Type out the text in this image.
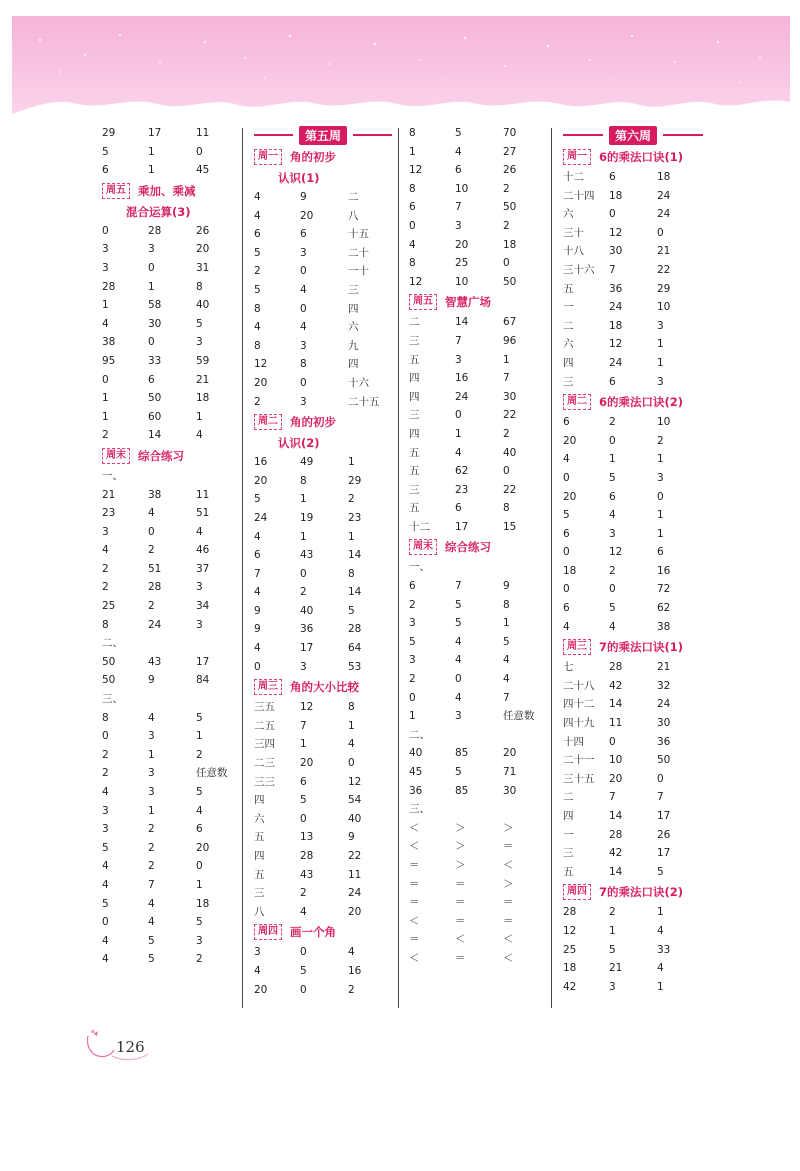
29	17	11
5	1	0
6	1	45
周五	乘加、乘减
混合运算(3)
0	28	26
3	3	20
3	0	31
28	1	8
1	58	40
4	30	5
38	0	3
95	33	59
0	6	21
1	50	18
1	60	1
2	14	4
周末	综合练习
一、
21	38	11
23	4	51
3	0	4
4	2	46
2	51	37
2	28	3
25	2	34
8	24	3
二、
50	43	17
50	9	84
三、
8	4	5
0	3	1
2	1	2
2	3	任意数
4	3	5
3	1	4
3	2	6
5	2	20
4	2	0
4	7	1
5	4	18
0	4	5
4	5	3
4	5	2
第五周
周一	角的初步
认识(1)
4	9	二
4	20	八
6	6	十五
5	3	二十
2	0	一十
5	4	三
8	0	四
4	4	六
8	3	九
12	8	四
20	0	十六
2	3	二十五
周二	角的初步
认识(2)
16	49	1
20	8	29
5	1	2
24	19	23
4	1	1
6	43	14
7	0	8
4	2	14
9	40	5
9	36	28
4	17	64
0	3	53
周三	角的大小比较
三五	12	8
二五	7	1
三四	1	4
二三	20	0
三三	6	12
四	5	54
六	0	40
五	13	9
四	28	22
五	43	11
三	2	24
八	4	20
周四	画一个角
3	0	4
4	5	16
20	0	2
8	5	70
1	4	27
12	6	26
8	10	2
6	7	50
0	3	2
4	20	18
8	25	0
12	10	50
周五	智慧广场
二	14	67
三	7	96
五	3	1
四	16	7
四	24	30
三	0	22
四	1	2
五	4	40
五	62	0
三	23	22
五	6	8
十二	17	15
周末	综合练习
一、
6	7	9
2	5	8
3	5	1
5	4	5
3	4	4
2	0	4
0	4	7
1	3	任意数
二、
40	85	20
45	5	71
36	85	30
三、
＜	＞	＞
＜	＞	＝
＝	＞	＜
＝	＝	＞
＝	＝	＝
＜	＝	＝
＝	＜	＜
＜	＝	＜
第六周
周一	6的乘法口诀(1)
十二	6	18
二十四	18	24
六	0	24
三十	12	0
十八	30	21
三十六	7	22
五	36	29
一	24	10
二	18	3
六	12	1
四	24	1
三	6	3
周二	6的乘法口诀(2)
6	2	10
20	0	2
4	1	1
0	5	3
20	6	0
5	4	1
6	3	1
0	12	6
18	2	16
0	0	72
6	5	62
4	4	38
周三	7的乘法口诀(1)
七	28	21
二十八	42	32
四十二	14	24
四十九	11	30
十四	0	36
二十一	10	50
三十五	20	0
二	7	7
四	14	17
一	28	26
三	42	17
五	14	5
周四	7的乘法口诀(2)
28	2	1
12	1	4
25	5	33
18	21	4
42	3	1
126
